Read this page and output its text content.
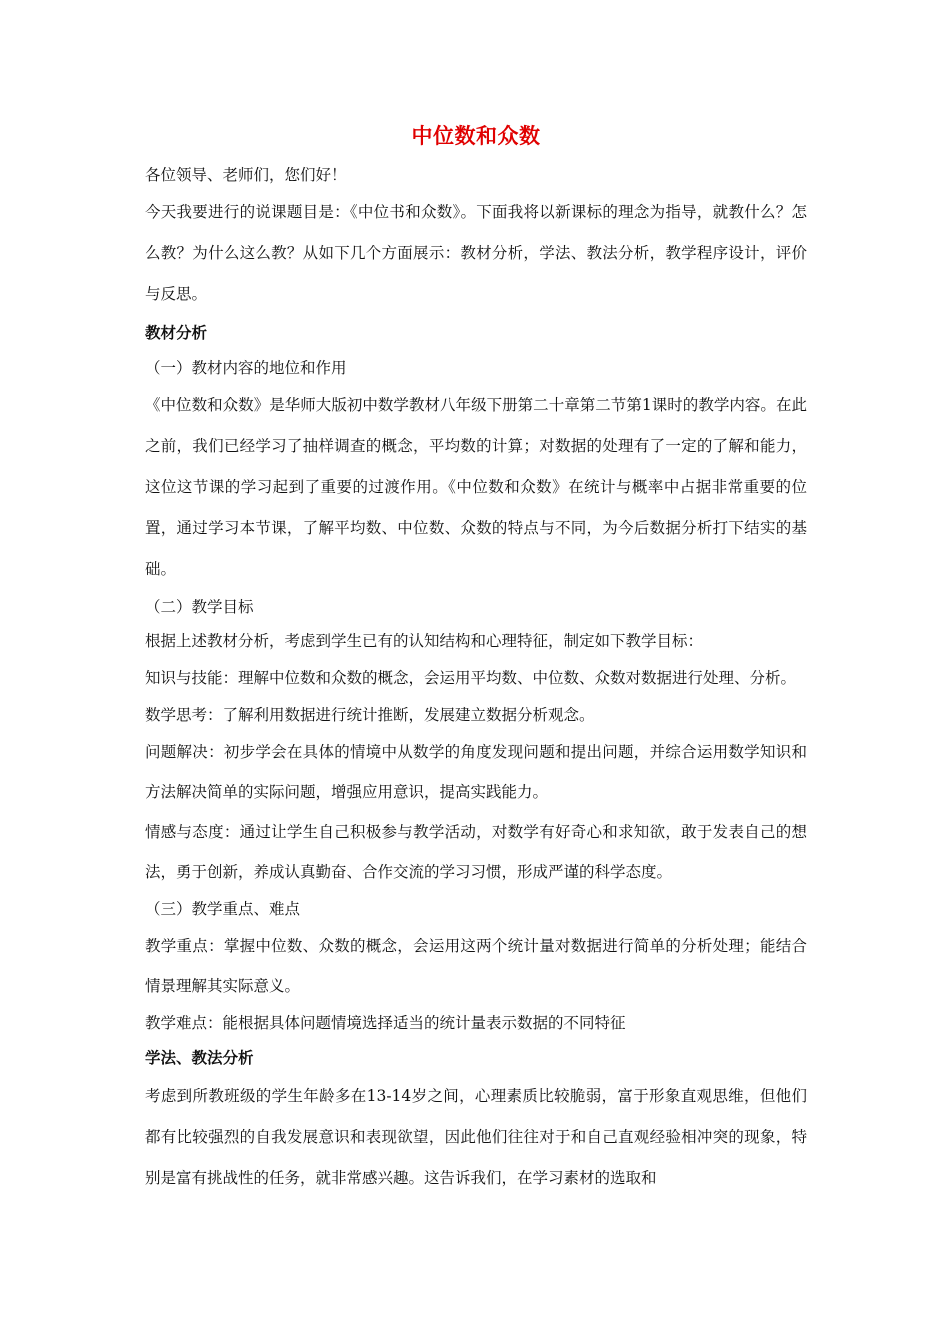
中位数和众数

各位领导、老师们，您们好！

今天我要进行的说课题目是：《中位书和众数》。下面我将以新课标的理念为指导，就教什么？怎么教？为什么这么教？从如下几个方面展示：教材分析，学法、教法分析，教学程序设计，评价与反思。

教材分析

（一）教材内容的地位和作用

《中位数和众数》是华师大版初中数学教材八年级下册第二十章第二节第1课时的教学内容。在此之前，我们已经学习了抽样调查的概念，平均数的计算；对数据的处理有了一定的了解和能力，这位这节课的学习起到了重要的过渡作用。《中位数和众数》在统计与概率中占据非常重要的位置，通过学习本节课，了解平均数、中位数、众数的特点与不同，为今后数据分析打下结实的基础。

（二）教学目标

根据上述教材分析，考虑到学生已有的认知结构和心理特征，制定如下教学目标：

知识与技能：理解中位数和众数的概念，会运用平均数、中位数、众数对数据进行处理、分析。

数学思考：了解利用数据进行统计推断，发展建立数据分析观念。

问题解决：初步学会在具体的情境中从数学的角度发现问题和提出问题，并综合运用数学知识和方法解决简单的实际问题，增强应用意识，提高实践能力。

情感与态度：通过让学生自己积极参与教学活动，对数学有好奇心和求知欲，敢于发表自己的想法，勇于创新，养成认真勤奋、合作交流的学习习惯，形成严谨的科学态度。

（三）教学重点、难点

教学重点：掌握中位数、众数的概念，会运用这两个统计量对数据进行简单的分析处理；能结合情景理解其实际意义。

教学难点：能根据具体问题情境选择适当的统计量表示数据的不同特征

学法、教法分析

考虑到所教班级的学生年龄多在13-14岁之间，心理素质比较脆弱，富于形象直观思维，但他们都有比较强烈的自我发展意识和表现欲望，因此他们往往对于和自己直观经验相冲突的现象，特别是富有挑战性的任务，就非常感兴趣。这告诉我们，在学习素材的选取和
